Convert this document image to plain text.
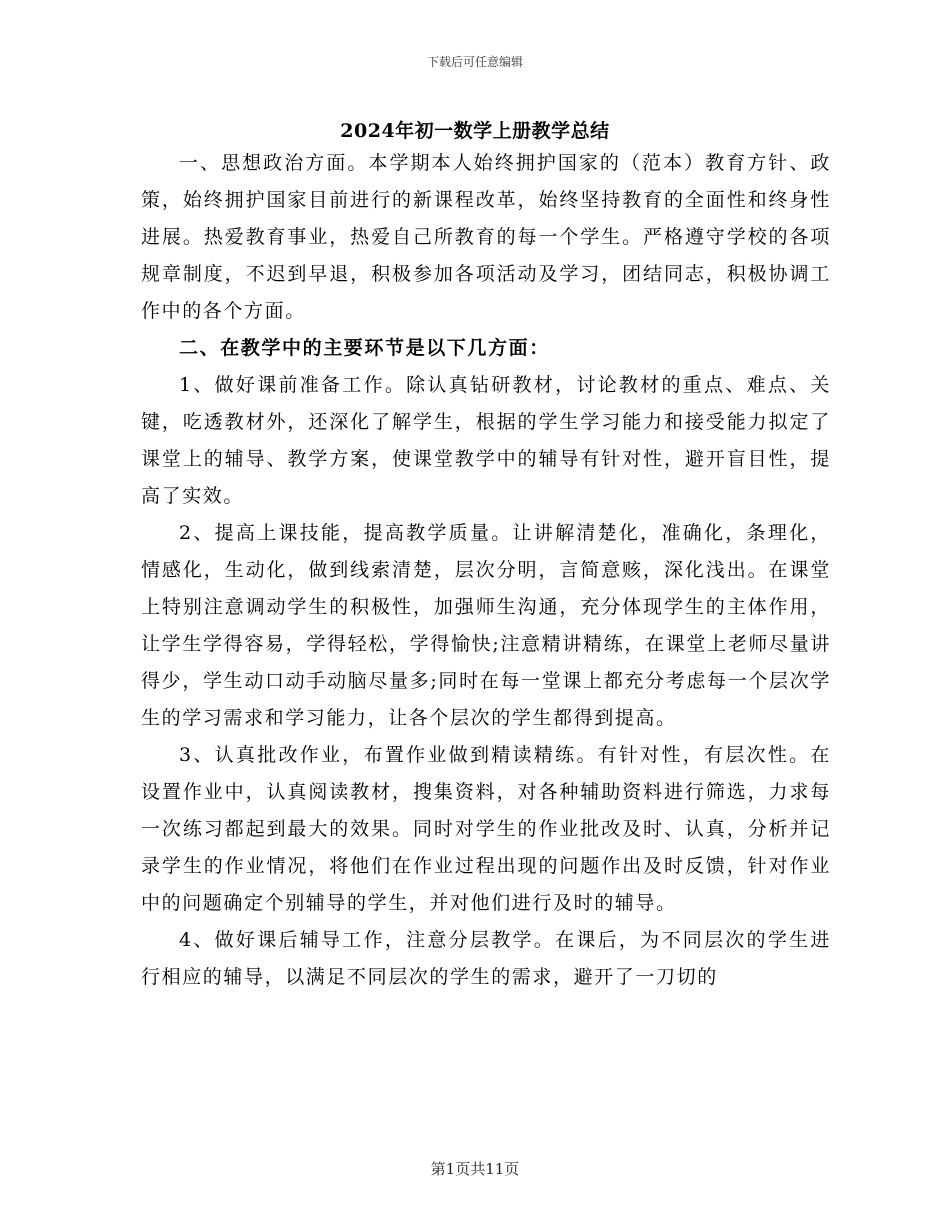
下载后可任意编辑
2024年初一数学上册教学总结

一、思想政治方面。本学期本人始终拥护国家的（范本）教育方针、政策，始终拥护国家目前进行的新课程改革，始终坚持教育的全面性和终身性进展。热爱教育事业，热爱自己所教育的每一个学生。严格遵守学校的各项规章制度，不迟到早退，积极参加各项活动及学习，团结同志，积极协调工作中的各个方面。

二、在教学中的主要环节是以下几方面：

1、做好课前准备工作。除认真钻研教材，讨论教材的重点、难点、关键，吃透教材外，还深化了解学生，根据的学生学习能力和接受能力拟定了课堂上的辅导、教学方案，使课堂教学中的辅导有针对性，避开盲目性，提高了实效。

2、提高上课技能，提高教学质量。让讲解清楚化，准确化，条理化，情感化，生动化，做到线索清楚，层次分明，言简意赅，深化浅出。在课堂上特别注意调动学生的积极性，加强师生沟通，充分体现学生的主体作用，让学生学得容易，学得轻松，学得愉快;注意精讲精练，在课堂上老师尽量讲得少，学生动口动手动脑尽量多;同时在每一堂课上都充分考虑每一个层次学生的学习需求和学习能力，让各个层次的学生都得到提高。

3、认真批改作业，布置作业做到精读精练。有针对性，有层次性。在设置作业中，认真阅读教材，搜集资料，对各种辅助资料进行筛选，力求每一次练习都起到最大的效果。同时对学生的作业批改及时、认真，分析并记录学生的作业情况，将他们在作业过程出现的问题作出及时反馈，针对作业中的问题确定个别辅导的学生，并对他们进行及时的辅导。

4、做好课后辅导工作，注意分层教学。在课后，为不同层次的学生进行相应的辅导，以满足不同层次的学生的需求，避开了一刀切的

第1页共11页
